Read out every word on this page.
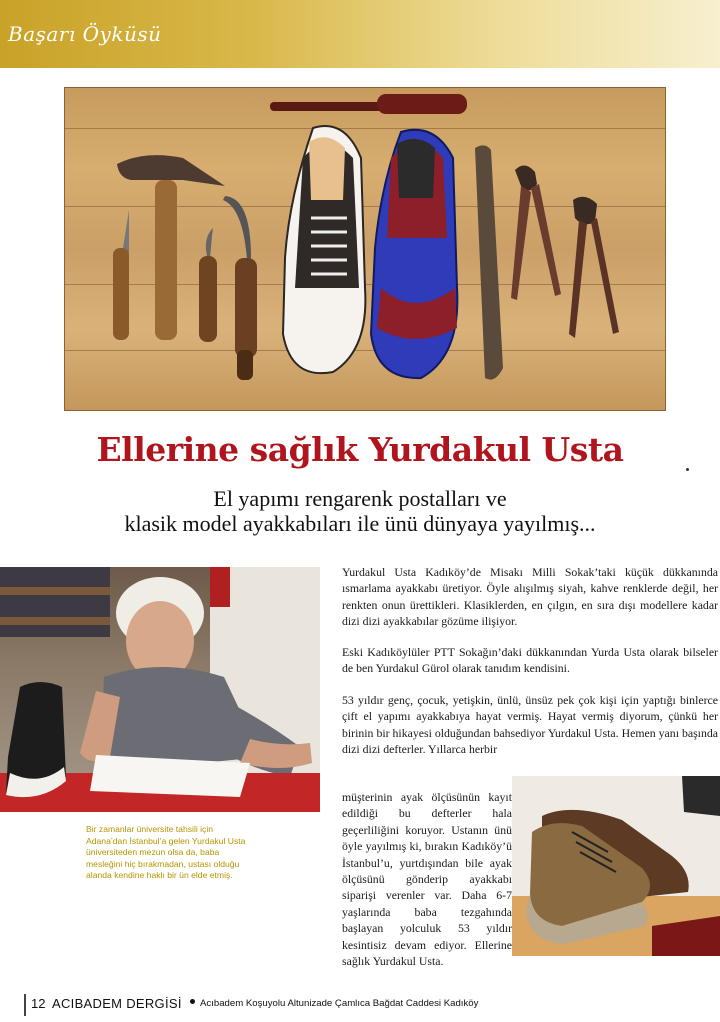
Başarı Öyküsü
Ellerine sağlık Yurdakul Usta
El yapımı rengarenk postalları ve
klasik model ayakkabıları ile ünü dünyaya yayılmış...
Bir zamanlar üniversite tahsili için Adana’dan İstanbul’a gelen Yurdakul Usta üniversiteden mezun olsa da, baba mesleğini hiç bırakmadan, ustası olduğu alanda kendine haklı bir ün elde etmiş.
Yurdakul Usta Kadıköy’de Misakı Milli Sokak’taki küçük dükkanında ısmarlama ayakkabı üretiyor. Öyle alışılmış siyah, kahve renklerde değil, her renkten onun ürettikleri. Klasiklerden, en çılgın, en sıra dışı modellere kadar dizi dizi ayakkabılar gözüme ilişiyor.
Eski Kadıköylüler PTT Sokağın’daki dükkanından Yurda Usta olarak bilseler de ben Yurdakul Gürol olarak tanıdım kendisini.
53 yıldır genç, çocuk, yetişkin, ünlü, ünsüz pek çok kişi için yaptığı binlerce çift el yapımı ayakkabıya hayat vermiş. Hayat vermiş diyorum, çünkü her birinin bir hikayesi olduğundan bahsediyor Yurdakul Usta. Hemen yanı başında dizi dizi defterler. Yıllarca herbir
müşterinin ayak ölçüsünün kayıt edildiği bu defterler hala geçerliliğini koruyor. Ustanın ünü öyle yayılmış ki, bırakın Kadıköy’ü İstanbul’u, yurtdışından bile ayak ölçüsünü gönderip ayakkabı siparişi verenler var. Daha 6-7 yaşlarında baba tezgahında başlayan yolculuk 53 yıldır kesintisiz devam ediyor. Ellerine sağlık Yurdakul Usta.
12 ACIBADEM DERGİSİ Acıbadem Koşuyolu Altunizade Çamlıca Bağdat Caddesi Kadıköy
